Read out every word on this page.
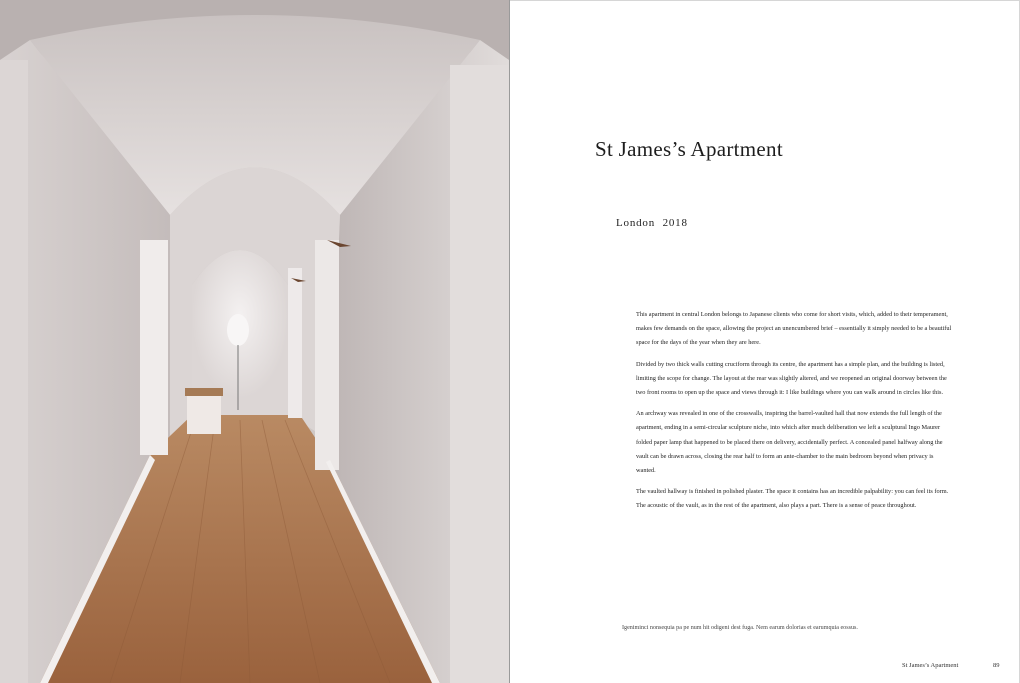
St James’s Apartment

London 2018

This apartment in central London belongs to Japanese clients who come for short visits, which, added to their temperament, makes few demands on the space, allowing the project an unencumbered brief – essentially it simply needed to be a beautiful space for the days of the year when they are here.

Divided by two thick walls cutting cruciform through its centre, the apartment has a simple plan, and the building is listed, limiting the scope for change. The layout at the rear was slightly altered, and we reopened an original doorway between the two front rooms to open up the space and views through it: I like buildings where you can walk around in circles like this.

An archway was revealed in one of the crosswalls, inspiring the barrel-vaulted hall that now extends the full length of the apartment, ending in a semi-circular sculpture niche, into which after much deliberation we left a sculptural Ingo Maurer folded paper lamp that happened to be placed there on delivery, accidentally perfect. A concealed panel halfway along the vault can be drawn across, closing the rear half to form an ante-chamber to the main bedroom beyond when privacy is wanted.

The vaulted hallway is finished in polished plaster. The space it contains has an incredible palpability: you can feel its form. The acoustic of the vault, as in the rest of the apartment, also plays a part. There is a sense of peace throughout.

Igeniminci nonsequia pa pe num hit odigeni dest fuga. Nem earum dolorias et earumquia eossus.
St James’s Apartment	89
